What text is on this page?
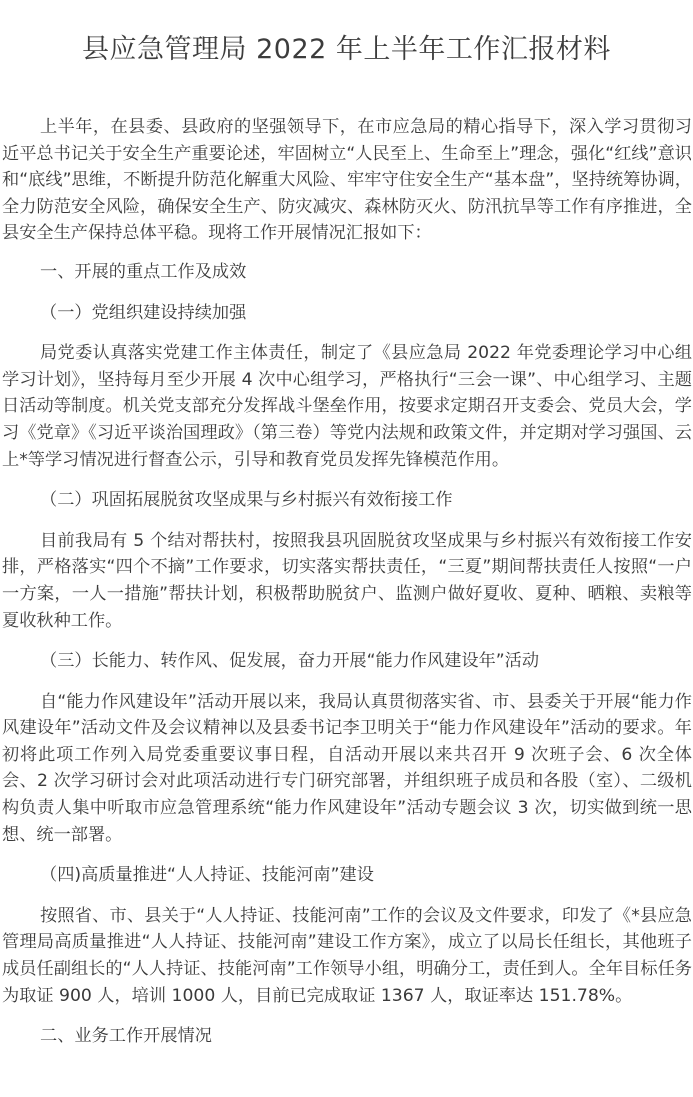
县应急管理局 2022 年上半年工作汇报材料

上半年，在县委、县政府的坚强领导下，在市应急局的精心指导下，深入学习贯彻习近平总书记关于安全生产重要论述，牢固树立“人民至上、生命至上”理念，强化“红线”意识和“底线”思维，不断提升防范化解重大风险、牢牢守住安全生产“基本盘”，坚持统筹协调，全力防范安全风险，确保安全生产、防灾减灾、森林防灭火、防汛抗旱等工作有序推进，全县安全生产保持总体平稳。现将工作开展情况汇报如下：

一、开展的重点工作及成效

（一）党组织建设持续加强

局党委认真落实党建工作主体责任，制定了《县应急局 2022 年党委理论学习中心组学习计划》，坚持每月至少开展 4 次中心组学习，严格执行“三会一课”、中心组学习、主题日活动等制度。机关党支部充分发挥战斗堡垒作用，按要求定期召开支委会、党员大会，学习《党章》《习近平谈治国理政》（第三卷）等党内法规和政策文件，并定期对学习强国、云上*等学习情况进行督查公示，引导和教育党员发挥先锋模范作用。

（二）巩固拓展脱贫攻坚成果与乡村振兴有效衔接工作

目前我局有 5 个结对帮扶村，按照我县巩固脱贫攻坚成果与乡村振兴有效衔接工作安排，严格落实“四个不摘”工作要求，切实落实帮扶责任，“三夏”期间帮扶责任人按照“一户一方案，一人一措施”帮扶计划，积极帮助脱贫户、监测户做好夏收、夏种、晒粮、卖粮等夏收秋种工作。

（三）长能力、转作风、促发展，奋力开展“能力作风建设年”活动

自“能力作风建设年”活动开展以来，我局认真贯彻落实省、市、县委关于开展“能力作风建设年”活动文件及会议精神以及县委书记李卫明关于“能力作风建设年”活动的要求。年初将此项工作列入局党委重要议事日程，自活动开展以来共召开 9 次班子会、6 次全体会、2 次学习研讨会对此项活动进行专门研究部署，并组织班子成员和各股（室）、二级机构负责人集中听取市应急管理系统“能力作风建设年”活动专题会议 3 次，切实做到统一思想、统一部署。

（四)高质量推进“人人持证、技能河南”建设

按照省、市、县关于“人人持证、技能河南”工作的会议及文件要求，印发了《*县应急管理局高质量推进“人人持证、技能河南”建设工作方案》，成立了以局长任组长，其他班子成员任副组长的“人人持证、技能河南”工作领导小组，明确分工，责任到人。全年目标任务为取证 900 人，培训 1000 人，目前已完成取证 1367 人，取证率达 151.78%。

二、业务工作开展情况
